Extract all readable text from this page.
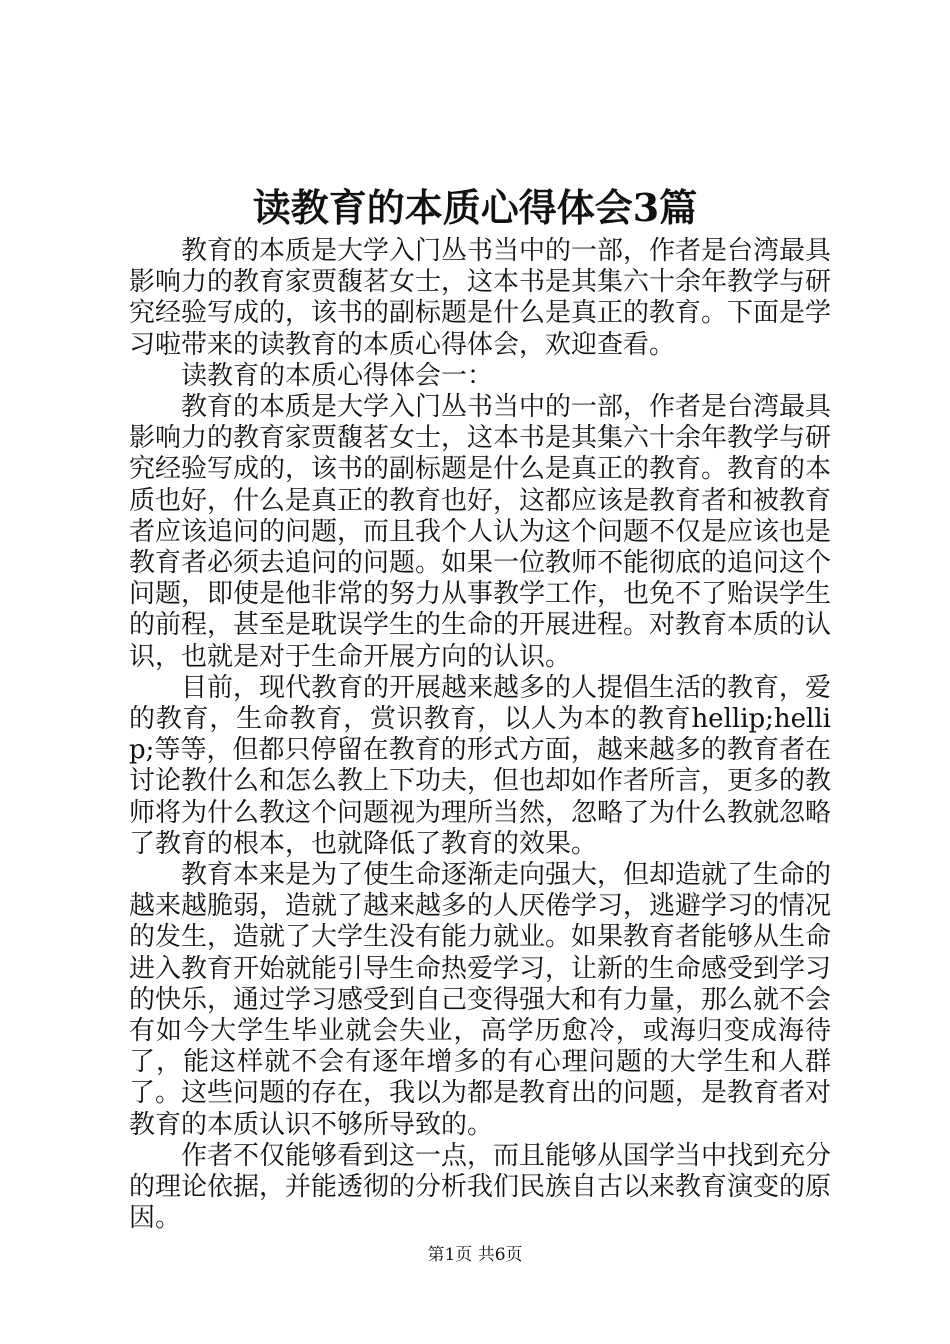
读教育的本质心得体会3篇

教育的本质是大学入门丛书当中的一部，作者是台湾最具影响力的教育家贾馥茗女士，这本书是其集六十余年教学与研究经验写成的，该书的副标题是什么是真正的教育。下面是学习啦带来的读教育的本质心得体会，欢迎查看。

读教育的本质心得体会一：

教育的本质是大学入门丛书当中的一部，作者是台湾最具影响力的教育家贾馥茗女士，这本书是其集六十余年教学与研究经验写成的，该书的副标题是什么是真正的教育。教育的本质也好，什么是真正的教育也好，这都应该是教育者和被教育者应该追问的问题，而且我个人认为这个问题不仅是应该也是教育者必须去追问的问题。如果一位教师不能彻底的追问这个问题，即使是他非常的努力从事教学工作，也免不了贻误学生的前程，甚至是耽误学生的生命的开展进程。对教育本质的认识，也就是对于生命开展方向的认识。

目前，现代教育的开展越来越多的人提倡生活的教育，爱的教育，生命教育，赏识教育，以人为本的教育hellip;hellip;等等，但都只停留在教育的形式方面，越来越多的教育者在讨论教什么和怎么教上下功夫，但也却如作者所言，更多的教师将为什么教这个问题视为理所当然，忽略了为什么教就忽略了教育的根本，也就降低了教育的效果。

教育本来是为了使生命逐渐走向强大，但却造就了生命的越来越脆弱，造就了越来越多的人厌倦学习，逃避学习的情况的发生，造就了大学生没有能力就业。如果教育者能够从生命进入教育开始就能引导生命热爱学习，让新的生命感受到学习的快乐，通过学习感受到自己变得强大和有力量，那么就不会有如今大学生毕业就会失业，高学历愈冷，或海归变成海待了，能这样就不会有逐年增多的有心理问题的大学生和人群了。这些问题的存在，我以为都是教育出的问题，是教育者对教育的本质认识不够所导致的。

作者不仅能够看到这一点，而且能够从国学当中找到充分的理论依据，并能透彻的分析我们民族自古以来教育演变的原因。

第1页 共6页
